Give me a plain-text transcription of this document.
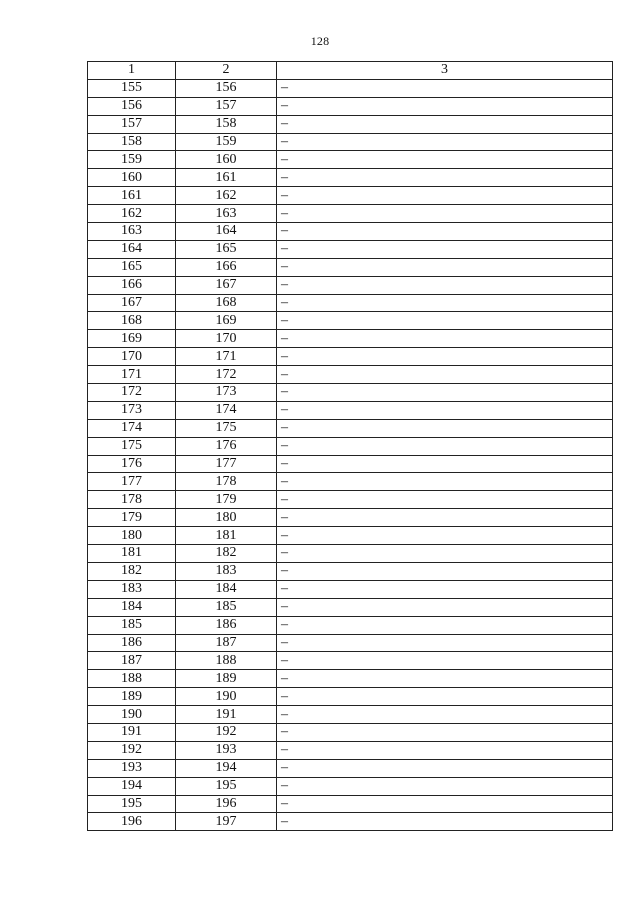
128
1	2	3
155	156	–
156	157	–
157	158	–
158	159	–
159	160	–
160	161	–
161	162	–
162	163	–
163	164	–
164	165	–
165	166	–
166	167	–
167	168	–
168	169	–
169	170	–
170	171	–
171	172	–
172	173	–
173	174	–
174	175	–
175	176	–
176	177	–
177	178	–
178	179	–
179	180	–
180	181	–
181	182	–
182	183	–
183	184	–
184	185	–
185	186	–
186	187	–
187	188	–
188	189	–
189	190	–
190	191	–
191	192	–
192	193	–
193	194	–
194	195	–
195	196	–
196	197	–
